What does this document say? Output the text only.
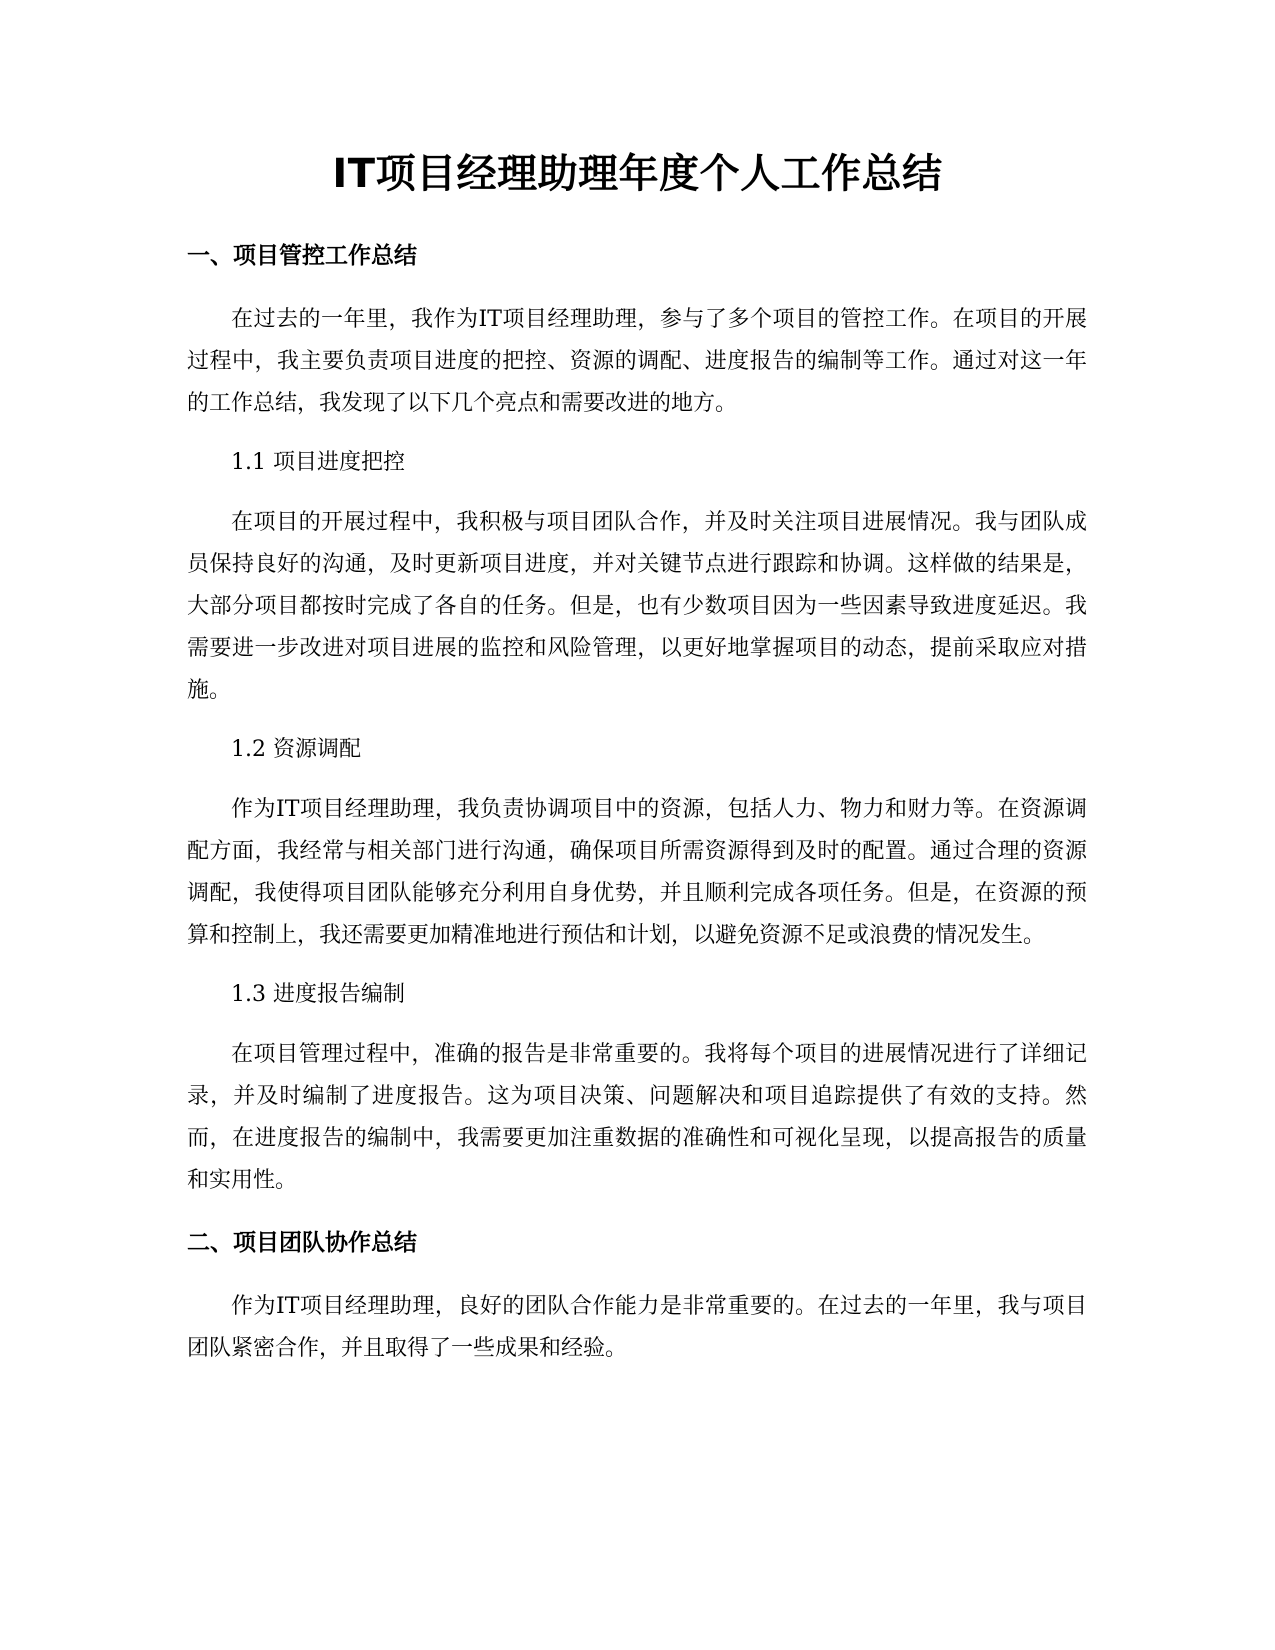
IT项目经理助理年度个人工作总结
一、项目管控工作总结

在过去的一年里，我作为IT项目经理助理，参与了多个项目的管控工作。在项目的开展过程中，我主要负责项目进度的把控、资源的调配、进度报告的编制等工作。通过对这一年的工作总结，我发现了以下几个亮点和需要改进的地方。

1.1 项目进度把控

在项目的开展过程中，我积极与项目团队合作，并及时关注项目进展情况。我与团队成员保持良好的沟通，及时更新项目进度，并对关键节点进行跟踪和协调。这样做的结果是，大部分项目都按时完成了各自的任务。但是，也有少数项目因为一些因素导致进度延迟。我需要进一步改进对项目进展的监控和风险管理，以更好地掌握项目的动态，提前采取应对措施。

1.2 资源调配

作为IT项目经理助理，我负责协调项目中的资源，包括人力、物力和财力等。在资源调配方面，我经常与相关部门进行沟通，确保项目所需资源得到及时的配置。通过合理的资源调配，我使得项目团队能够充分利用自身优势，并且顺利完成各项任务。但是，在资源的预算和控制上，我还需要更加精准地进行预估和计划，以避免资源不足或浪费的情况发生。

1.3 进度报告编制

在项目管理过程中，准确的报告是非常重要的。我将每个项目的进展情况进行了详细记录，并及时编制了进度报告。这为项目决策、问题解决和项目追踪提供了有效的支持。然而，在进度报告的编制中，我需要更加注重数据的准确性和可视化呈现，以提高报告的质量和实用性。

二、项目团队协作总结

作为IT项目经理助理，良好的团队合作能力是非常重要的。在过去的一年里，我与项目团队紧密合作，并且取得了一些成果和经验。
